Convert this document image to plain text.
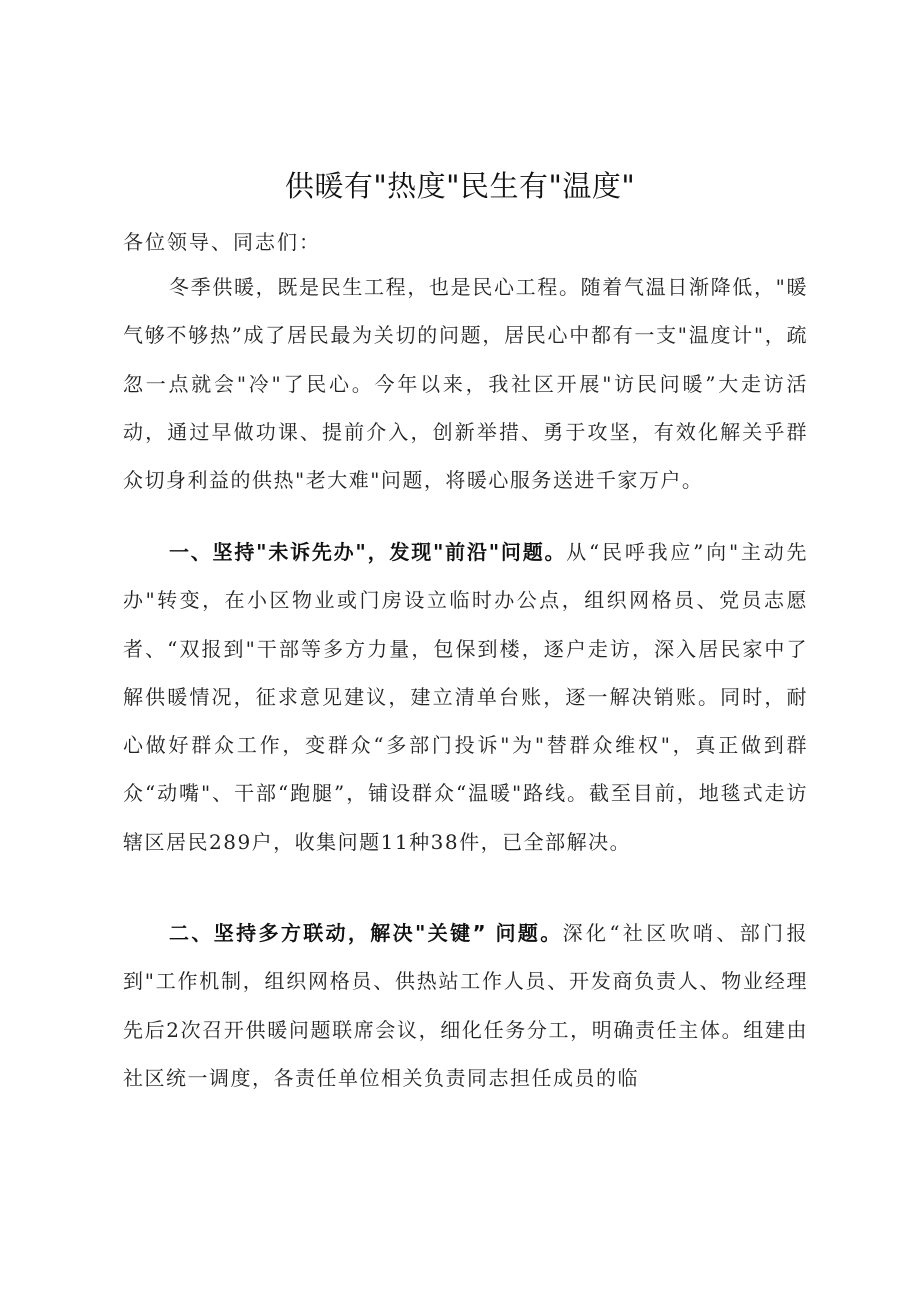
供暖有"热度"民生有"温度"
各位领导、同志们：

冬季供暖，既是民生工程，也是民心工程。随着气温日渐降低，"暖气够不够热”成了居民最为关切的问题，居民心中都有一支"温度计"，疏忽一点就会"冷"了民心。今年以来，我社区开展"访民问暖”大走访活动，通过早做功课、提前介入，创新举措、勇于攻坚，有效化解关乎群众切身利益的供热"老大难"问题，将暖心服务送进千家万户。

一、坚持"未诉先办"，发现"前沿"问题。从“民呼我应”向"主动先办"转变，在小区物业或门房设立临时办公点，组织网格员、党员志愿者、“双报到"干部等多方力量，包保到楼，逐户走访，深入居民家中了解供暖情况，征求意见建议，建立清单台账，逐一解决销账。同时，耐心做好群众工作，变群众“多部门投诉"为"替群众维权"，真正做到群众“动嘴"、干部“跑腿”，铺设群众“温暖"路线。截至目前，地毯式走访辖区居民289户，收集问题11种38件，已全部解决。

二、坚持多方联动，解决"关键” 问题。深化“社区吹哨、部门报到"工作机制，组织网格员、供热站工作人员、开发商负责人、物业经理先后2次召开供暖问题联席会议，细化任务分工，明确责任主体。组建由社区统一调度，各责任单位相关负责同志担任成员的临
